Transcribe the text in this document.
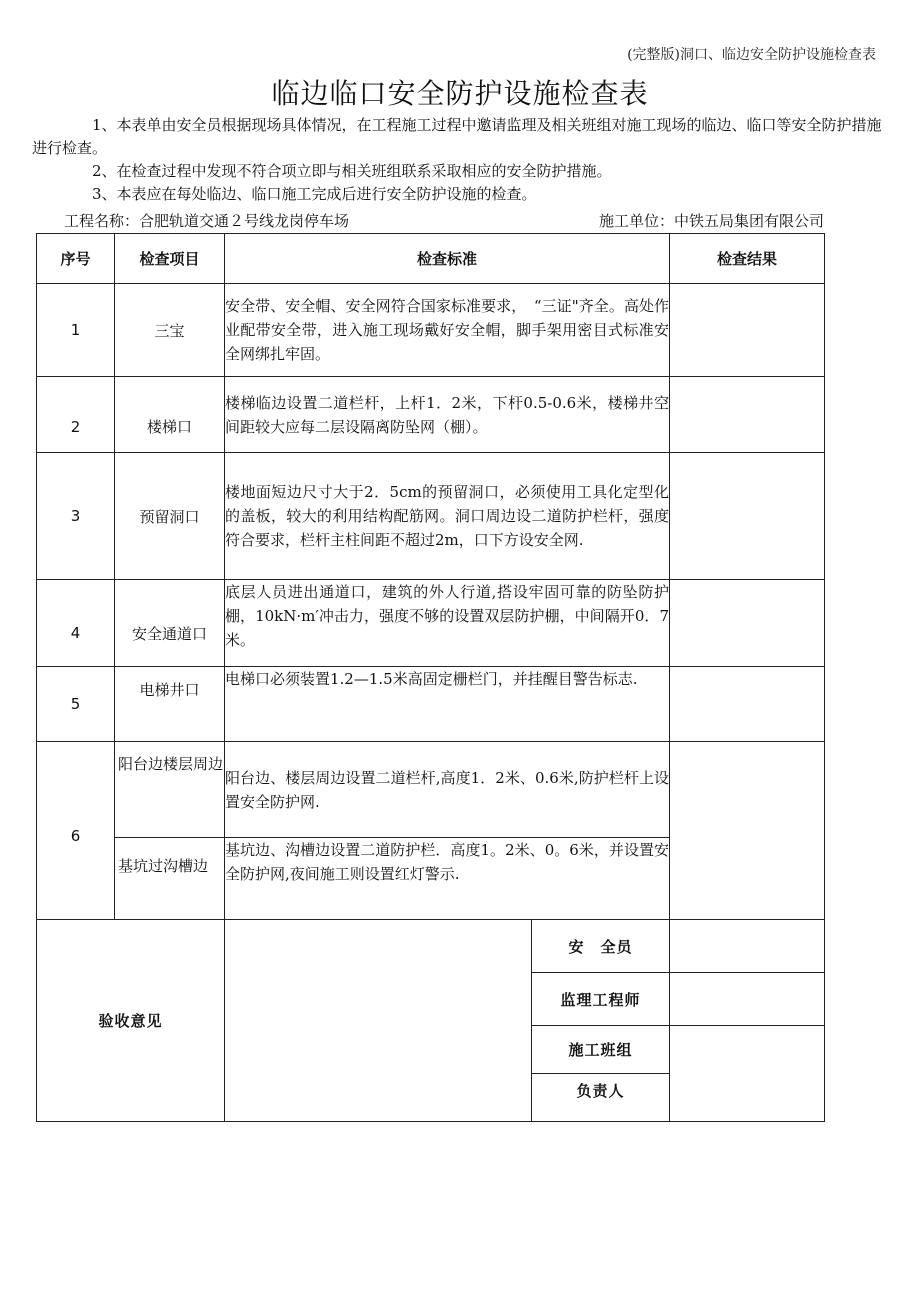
(完整版)洞口、临边安全防护设施检查表
临边临口安全防护设施检查表

1、本表单由安全员根据现场具体情况，在工程施工过程中邀请监理及相关班组对施工现场的临边、临口等安全防护措施进行检查。

2、在检查过程中发现不符合项立即与相关班组联系采取相应的安全防护措施。

3、本表应在每处临边、临口施工完成后进行安全防护设施的检查。

工程名称：合肥轨道交通２号线龙岗停车场	施工单位：中铁五局集团有限公司
序号	检查项目	检查标准		检查结果
1	三宝	安全带、安全帽、安全网符合国家标准要求，　“三证"齐全。高处作业配带安全带，进入施工现场戴好安全帽，脚手架用密目式标准安全网绑扎牢固。		
2	楼梯口	楼梯临边设置二道栏杆，上杆1．2米，下杆0.5-0.6米，楼梯井空间距较大应每二层设隔离防坠网（棚）。		
3	预留洞口	楼地面短边尺寸大于2．5cm的预留洞口，必须使用工具化定型化的盖板，较大的利用结构配筋网。洞口周边设二道防护栏杆，强度符合要求，栏杆主柱间距不超过2m，口下方设安全网.		
4	安全通道口	底层人员进出通道口，建筑的外人行道,搭设牢固可靠的防坠防护棚，10kN·m′冲击力，强度不够的设置双层防护棚，中间隔开0．7米。		
5	电梯井口	电梯口必须装置1.2—1.5米高固定栅栏门，并挂醒目警告标志.		
6	阳台边楼层周边	阳台边、楼层周边设置二道栏杆,高度1．2米、0.6米,防护栏杆上设置安全防护网.		
	基坑过沟槽边	基坑边、沟槽边设置二道防护栏．高度1。2米、0。6米，并设置安全防护网,夜间施工则设置红灯警示.		
验收意见			安　全员	
			监理工程师	
			施工班组	
			负责人	
